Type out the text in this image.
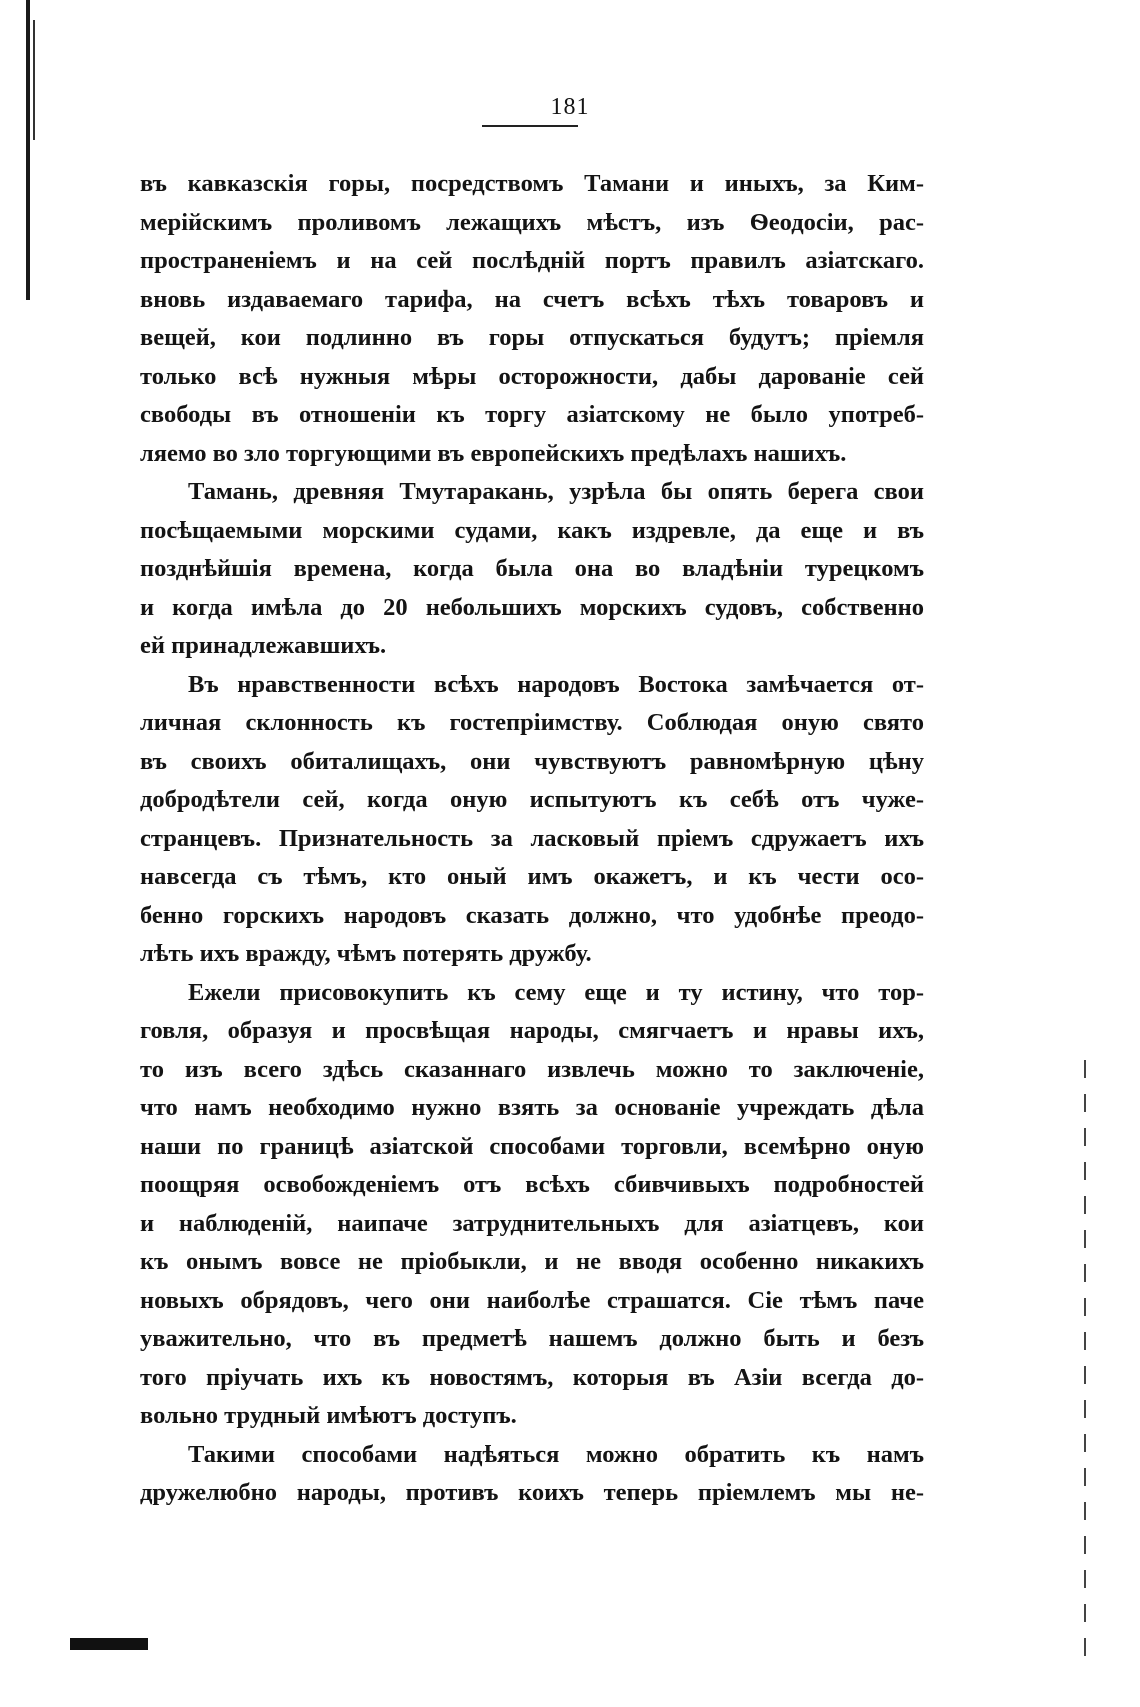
181
въ кавказскія горы, посредствомъ Тамани и иныхъ, за Ким-
мерійскимъ проливомъ лежащихъ мѣстъ, изъ Ѳеодосіи, рас-
пространеніемъ и на сей послѣдній портъ правилъ азіатскаго.
вновь издаваемаго тарифа, на счетъ всѣхъ тѣхъ товаровъ и
вещей, кои подлинно въ горы отпускаться будутъ; пріемля
только всѣ нужныя мѣры осторожности, дабы дарованіе сей
свободы въ отношеніи къ торгу азіатскому не было употреб-
ляемо во зло торгующими въ европейскихъ предѣлахъ нашихъ.
Тамань, древняя Тмутаракань, узрѣла бы опять берега свои
посѣщаемыми морскими судами, какъ издревле, да еще и въ
позднѣйшія времена, когда была она во владѣніи турецкомъ
и когда имѣла до 20 небольшихъ морскихъ судовъ, собственно
ей принадлежавшихъ.
Въ нравственности всѣхъ народовъ Востока замѣчается от-
личная склонность къ гостепріимству. Соблюдая оную свято
въ своихъ обиталищахъ, они чувствуютъ равномѣрную цѣну
добродѣтели сей, когда оную испытуютъ къ себѣ отъ чуже-
странцевъ. Признательность за ласковый пріемъ сдружаетъ ихъ
навсегда съ тѣмъ, кто оный имъ окажетъ, и къ чести осо-
бенно горскихъ народовъ сказать должно, что удобнѣе преодо-
лѣть ихъ вражду, чѣмъ потерять дружбу.
Ежели присовокупить къ сему еще и ту истину, что тор-
говля, образуя и просвѣщая народы, смягчаетъ и нравы ихъ,
то изъ всего здѣсь сказаннаго извлечь можно то заключеніе,
что намъ необходимо нужно взять за основаніе учреждать дѣла
наши по границѣ азіатской способами торговли, всемѣрно оную
поощряя освобожденіемъ отъ всѣхъ сбивчивыхъ подробностей
и наблюденій, наипаче затруднительныхъ для азіатцевъ, кои
къ онымъ вовсе не пріобыкли, и не вводя особенно никакихъ
новыхъ обрядовъ, чего они наиболѣе страшатся. Сіе тѣмъ паче
уважительно, что въ предметѣ нашемъ должно быть и безъ
того пріучать ихъ къ новостямъ, которыя въ Азіи всегда до-
вольно трудный имѣютъ доступъ.
Такими способами надѣяться можно обратить къ намъ
дружелюбно народы, противъ коихъ теперь пріемлемъ мы не-
